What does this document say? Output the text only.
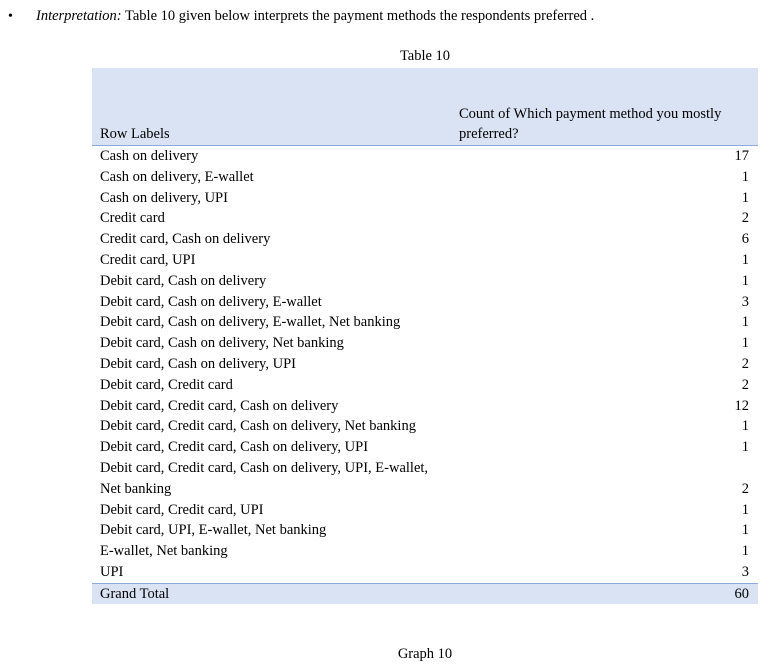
• Interpretation: Table 10 given below interprets the payment methods the respondents preferred .
Table 10
Row Labels	Count of Which payment method you mostly preferred?
Cash on delivery	17
Cash on delivery, E-wallet	1
Cash on delivery, UPI	1
Credit card	2
Credit card, Cash on delivery	6
Credit card, UPI	1
Debit card, Cash on delivery	1
Debit card, Cash on delivery, E-wallet	3
Debit card, Cash on delivery, E-wallet, Net banking	1
Debit card, Cash on delivery, Net banking	1
Debit card, Cash on delivery, UPI	2
Debit card, Credit card	2
Debit card, Credit card, Cash on delivery	12
Debit card, Credit card, Cash on delivery, Net banking	1
Debit card, Credit card, Cash on delivery, UPI	1
Debit card, Credit card, Cash on delivery, UPI, E-wallet, Net banking	2
Debit card, Credit card, UPI	1
Debit card, UPI, E-wallet, Net banking	1
E-wallet, Net banking	1
UPI	3
Grand Total	60
Graph 10
